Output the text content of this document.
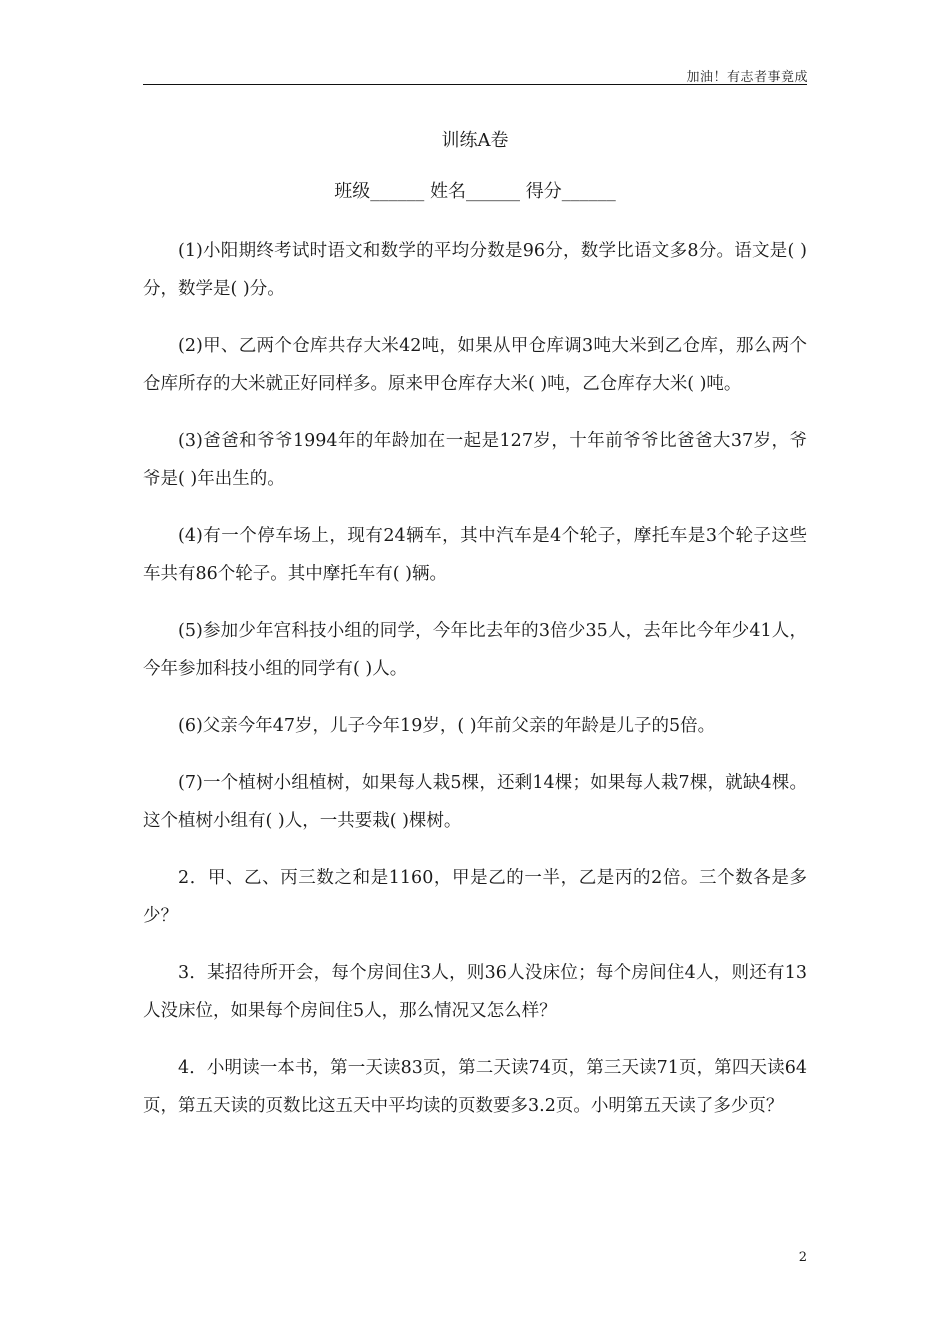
加油！有志者事竟成
训练A卷
班级______ 姓名______ 得分______

(1)小阳期终考试时语文和数学的平均分数是96分，数学比语文多8分。语文是( )分，数学是( )分。

(2)甲、乙两个仓库共存大米42吨，如果从甲仓库调3吨大米到乙仓库，那么两个仓库所存的大米就正好同样多。原来甲仓库存大米( )吨，乙仓库存大米( )吨。

(3)爸爸和爷爷1994年的年龄加在一起是127岁，十年前爷爷比爸爸大37岁，爷爷是( )年出生的。

(4)有一个停车场上，现有24辆车，其中汽车是4个轮子，摩托车是3个轮子这些车共有86个轮子。其中摩托车有( )辆。

(5)参加少年宫科技小组的同学，今年比去年的3倍少35人，去年比今年少41人，今年参加科技小组的同学有( )人。

(6)父亲今年47岁，儿子今年19岁，( )年前父亲的年龄是儿子的5倍。

(7)一个植树小组植树，如果每人栽5棵，还剩14棵；如果每人栽7棵，就缺4棵。这个植树小组有( )人，一共要栽( )棵树。

2．甲、乙、丙三数之和是1160，甲是乙的一半，乙是丙的2倍。三个数各是多少？

3．某招待所开会，每个房间住3人，则36人没床位；每个房间住4人，则还有13人没床位，如果每个房间住5人，那么情况又怎么样？

4．小明读一本书，第一天读83页，第二天读74页，第三天读71页，第四天读64页，第五天读的页数比这五天中平均读的页数要多3.2页。小明第五天读了多少页？

2
